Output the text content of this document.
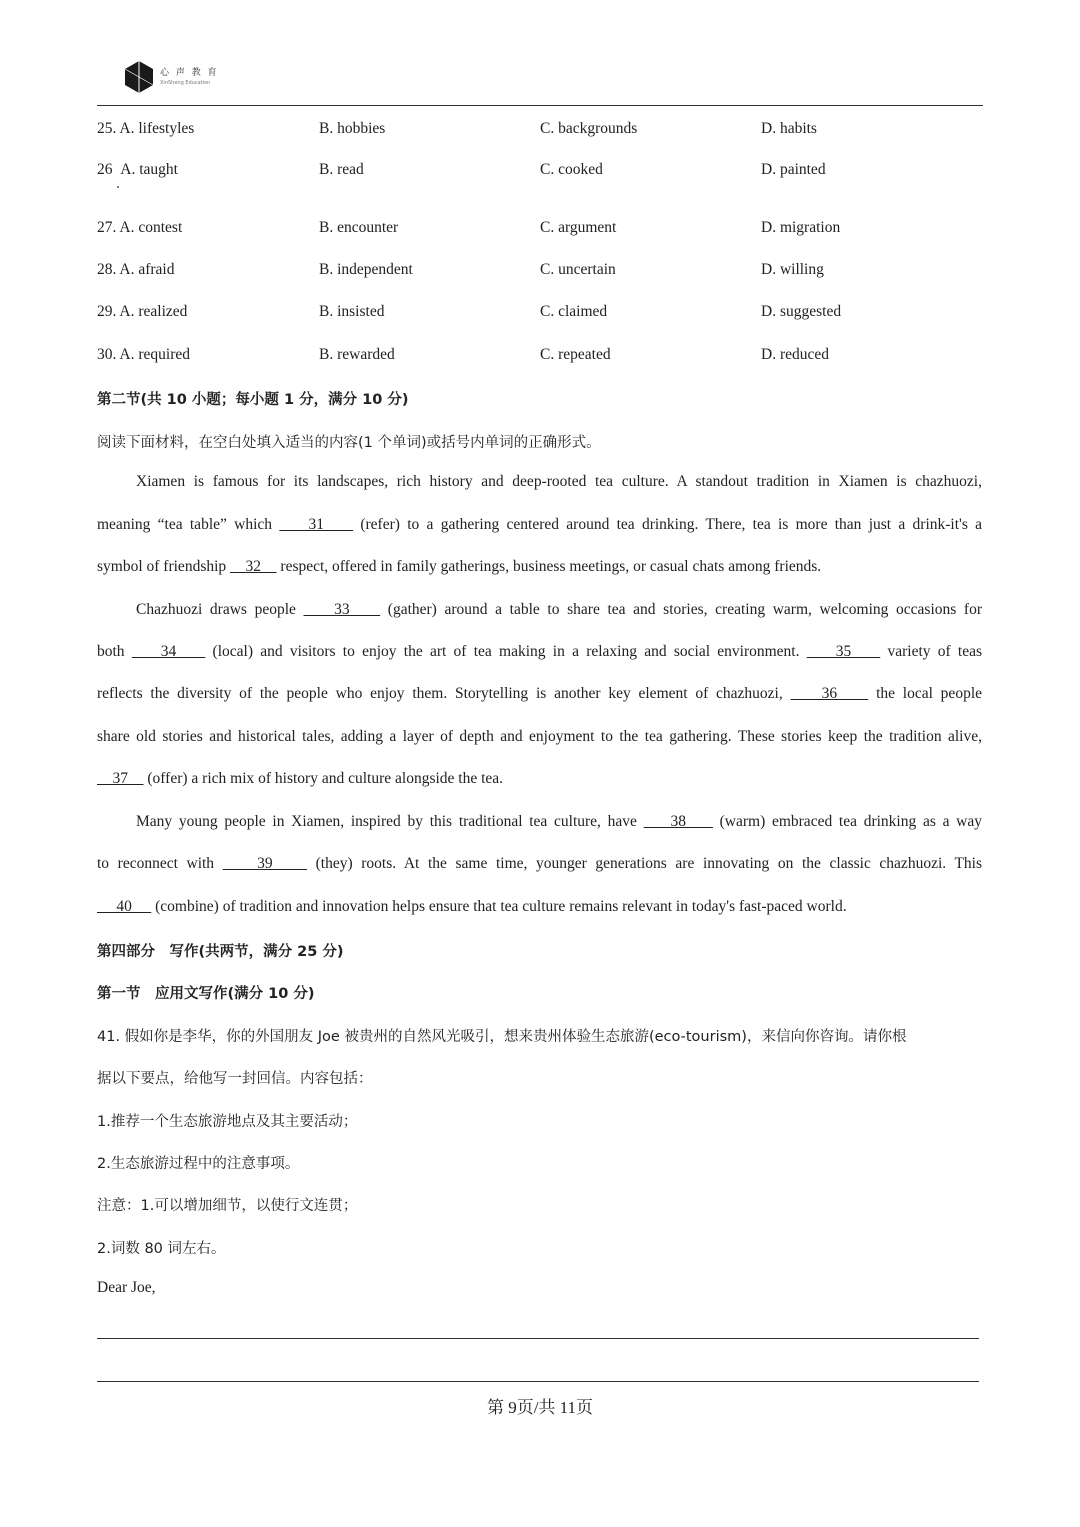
心 声 教 育
XinSheng Education
25. A. lifestyles	B. hobbies	C. backgrounds	D. habits
26 A. taught	B. read	C. cooked	D. painted
27. A. contest	B. encounter	C. argument	D. migration
28. A. afraid	B. independent	C. uncertain	D. willing
29. A. realized	B. insisted	C. claimed	D. suggested
30. A. required	B. rewarded	C. repeated	D. reduced
第二节(共 10 小题；每小题 1 分，满分 10 分)
阅读下面材料，在空白处填入适当的内容(1 个单词)或括号内单词的正确形式。
Xiamen is famous for its landscapes, rich history and deep-rooted tea culture. A standout tradition in Xiamen is chazhuozi,
meaning “tea table” which     31     (refer) to a gathering centered around tea drinking. There, tea is more than just a drink-it's a
symbol of friendship     32     respect, offered in family gatherings, business meetings, or casual chats among friends.
Chazhuozi draws people     33     (gather) around a table to share tea and stories, creating warm, welcoming occasions for
both     34     (local) and visitors to enjoy the art of tea making in a relaxing and social environment.     35     variety of teas
reflects the diversity of the people who enjoy them. Storytelling is another key element of chazhuozi,     36     the local people
share old stories and historical tales, adding a layer of depth and enjoyment to the tea gathering. These stories keep the tradition alive,
37     (offer) a rich mix of history and culture alongside the tea.
Many young people in Xiamen, inspired by this traditional tea culture, have     38     (warm) embraced tea drinking as a way
to reconnect with     39     (they) roots. At the same time, younger generations are innovating on the classic chazhuozi. This
40      (combine) of tradition and innovation helps ensure that tea culture remains relevant in today's fast-paced world.
第四部分　写作(共两节，满分 25 分)
第一节　应用文写作(满分 10 分)
41. 假如你是李华，你的外国朋友 Joe 被贵州的自然风光吸引，想来贵州体验生态旅游(eco-tourism)，来信向你咨询。请你根
据以下要点，给他写一封回信。内容包括：
1.推荐一个生态旅游地点及其主要活动；
2.生态旅游过程中的注意事项。
注意：1.可以增加细节，以使行文连贯；
2.词数 80 词左右。
Dear Joe,
第 9页/共 11页
